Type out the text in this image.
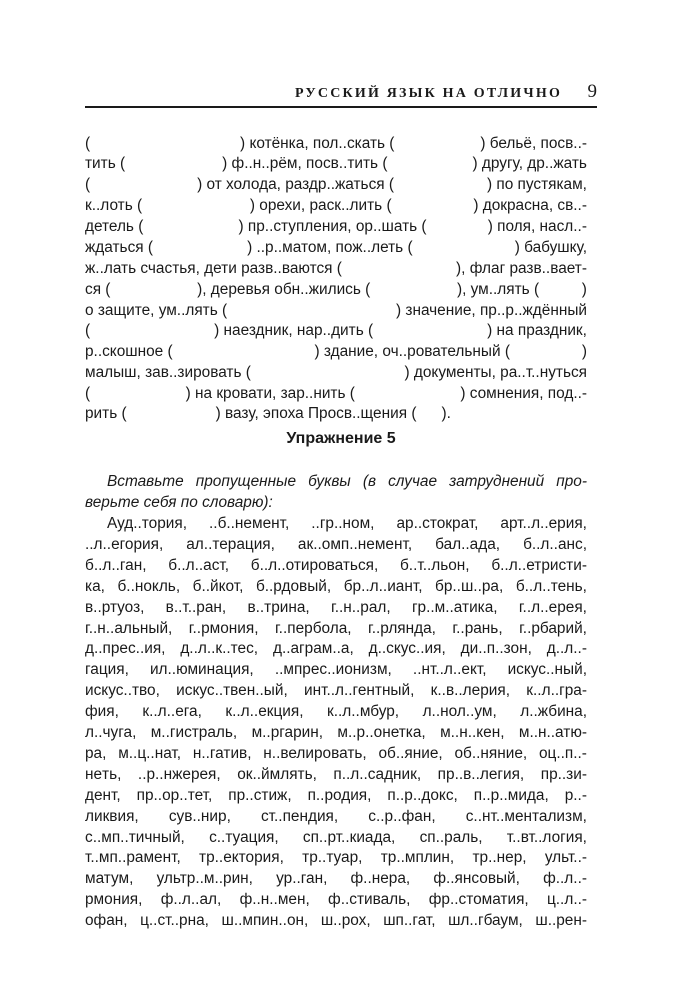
РУССКИЙ ЯЗЫК НА ОТЛИЧНО 9
(	) котёнка, пол..скать (	) бельё, посв..-
тить (	) ф..н..рём, посв..тить (	) другу, др..жать
(	) от холода, раздр..жаться (	) по пустякам,
к..лоть (	) орехи, раск..лить (	) докрасна, св..-
детель (	) пр..ступления, ор..шать (	) поля, насл..-
ждаться (	) ..р..матом, пож..леть (	) бабушку,
ж..лать счастья, дети разв..ваются (	), флаг разв..вает-
ся (	), деревья обн..жились (	), ум..лять (	)
о защите, ум..лять (	) значение, пр..р..ждённый
(	) наездник, нар..дить (	) на праздник,
р..скошное (	) здание, оч..ровательный (	)
малыш, зав..зировать (	) документы, ра..т..нуться
(	) на кровати, зар..нить (	) сомнения, под..-
рить (	) вазу, эпоха Просв..щения ( ).
Упражнение 5
Вставьте пропущенные буквы (в случае затруднений про-
верьте себя по словарю):
Ауд..тория, ..б..немент, ..гр..ном, ар..стократ, арт..л..ерия,
..л..егория, ал..терация, ак..омп..немент, бал..ада, б..л..анс,
б..л..ган, б..л..аст, б..л..отироваться, б..т..льон, б..л..етристи-
ка, б..нокль, б..йкот, б..рдовый, бр..л..иант, бр..ш..ра, б..л..тень,
в..ртуоз, в..т..ран, в..трина, г..н..рал, гр..м..атика, г..л..ерея,
г..н..альный, г..рмония, г..пербола, г..рлянда, г..рань, г..рбарий,
д..прес..ия, д..л..к..тес, д..аграм..а, д..скус..ия, ди..п..зон, д..л..-
гация, ил..юминация, ..мпрес..ионизм, ..нт..л..ект, искус..ный,
искус..тво, искус..твен..ый, инт..л..гентный, к..в..лерия, к..л..гра-
фия, к..л..ега, к..л..екция, к..л..мбур, л..нол..ум, л..жбина,
л..чуга, м..гистраль, м..ргарин, м..р..онетка, м..н..кен, м..н..атю-
ра, м..ц..нат, н..гатив, н..велировать, об..яние, об..няние, оц..п..-
нeть, ..р..нжерея, ок..ймлять, п..л..садник, пр..в..легия, пр..зи-
дент, пр..ор..тет, пр..стиж, п..родия, п..р..докс, п..р..мида, р..-
ликвия, сув..нир, ст..пендия, с..р..фан, с..нт..ментализм,
с..мп..тичный, с..туация, сп..рт..киада, сп..раль, т..вт..логия,
т..мп..рамент, тр..ектория, тр..туар, тр..мплин, тр..нер, ульт..-
матум, ультр..м..рин, ур..ган, ф..нера, ф..янсовый, ф..л..-
рмония, ф..л..ал, ф..н..мен, ф..стиваль, фр..стоматия, ц..л..-
офан, ц..ст..рна, ш..мпин..он, ш..рох, шп..гат, шл..гбаум, ш..рен-
